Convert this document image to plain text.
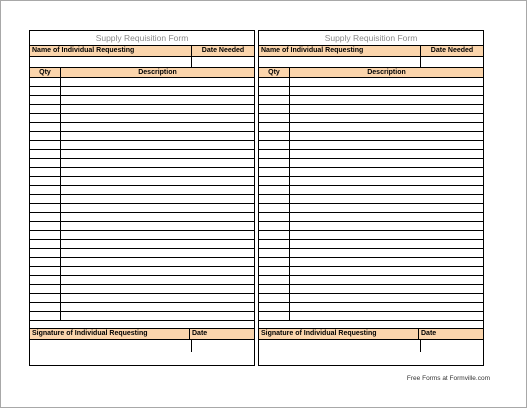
Supply Requisition Form
Name of Individual Requesting	Date Needed
Qty	Description
Signature of Individual Requesting	Date
Supply Requisition Form
Name of Individual Requesting	Date Needed
Qty	Description
Signature of Individual Requesting	Date
Free Forms at Formville.com
